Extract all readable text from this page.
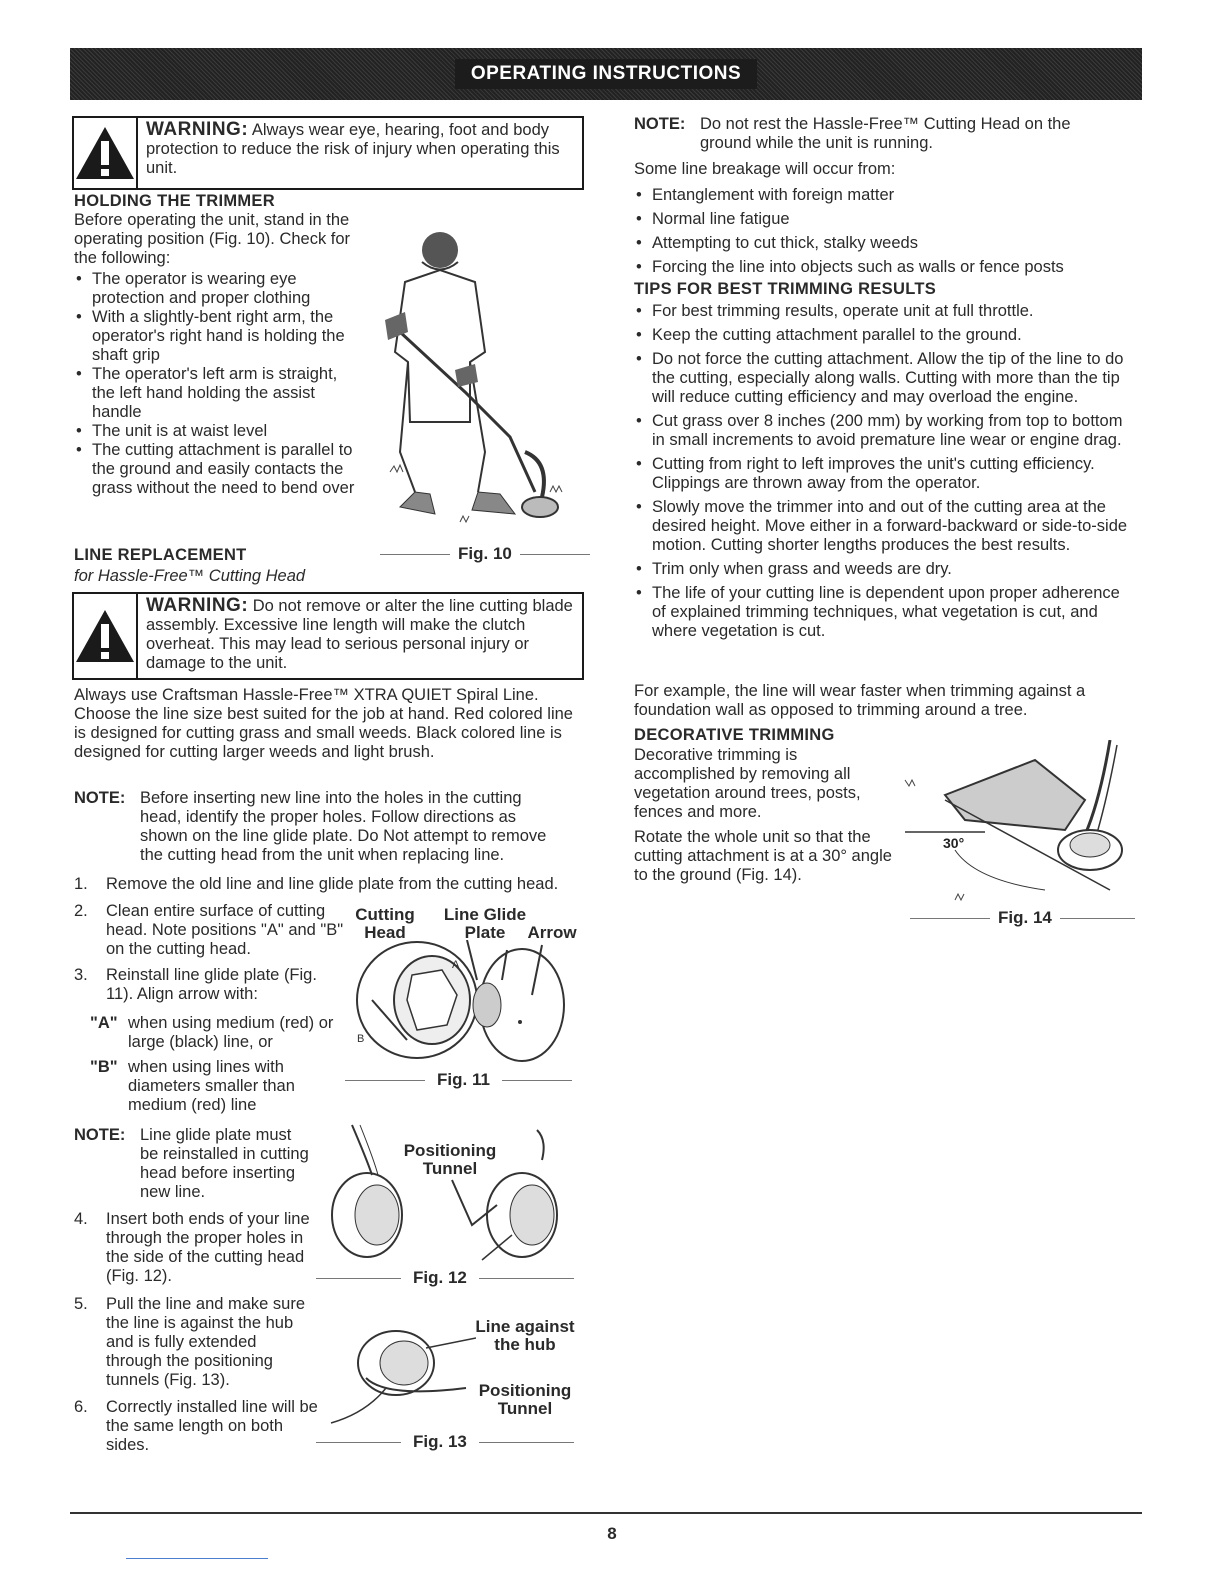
OPERATING INSTRUCTIONS
WARNING: Always wear eye, hearing, foot and body protection to reduce the risk of injury when operating this unit.
HOLDING THE TRIMMER

Before operating the unit, stand in the operating position (Fig. 10). Check for the following:

• The operator is wearing eye protection and proper clothing
• With a slightly-bent right arm, the operator's right hand is holding the shaft grip
• The operator's left arm is straight, the left hand holding the assist handle
• The unit is at waist level
• The cutting attachment is parallel to the ground and easily contacts the grass without the need to bend over
Fig. 10
LINE REPLACEMENT

for Hassle-Free™ Cutting Head

WARNING: Do not remove or alter the line cutting blade assembly. Excessive line length will make the clutch overheat. This may lead to serious personal injury or damage to the unit.

Always use Craftsman Hassle-Free™ XTRA QUIET Spiral Line. Choose the line size best suited for the job at hand. Red colored line is designed for cutting grass and small weeds. Black colored line is designed for cutting larger weeds and light brush.

NOTE: Before inserting new line into the holes in the cutting head, identify the proper holes. Follow directions as shown on the line glide plate. Do Not attempt to remove the cutting head from the unit when replacing line.
1.	Remove the old line and line glide plate from the cutting head.
2.	Clean entire surface of cutting head. Note positions "A" and "B" on the cutting head.
3.	Reinstall line glide plate (Fig. 11). Align arrow with:
"A" when using medium (red) or large (black) line, or
"B" when using lines with diameters smaller than medium (red) line
Cutting Head
Line Glide Plate	Arrow
B
A
Fig. 11
NOTE: Line glide plate must be reinstalled in cutting head before inserting new line.
4.	Insert both ends of your line through the proper holes in the side of the cutting head (Fig. 12).
Positioning Tunnel
Fig. 12
5.	Pull the line and make sure the line is against the hub and is fully extended through the positioning tunnels (Fig. 13).
6.	Correctly installed line will be the same length on both sides.
Line against the hub
Positioning Tunnel
Fig. 13
NOTE: Do not rest the Hassle-Free™ Cutting Head on the ground while the unit is running.

Some line breakage will occur from:

• Entanglement with foreign matter
• Normal line fatigue
• Attempting to cut thick, stalky weeds
• Forcing the line into objects such as walls or fence posts
TIPS FOR BEST TRIMMING RESULTS
• For best trimming results, operate unit at full throttle.
• Keep the cutting attachment parallel to the ground.
• Do not force the cutting attachment. Allow the tip of the line to do the cutting, especially along walls. Cutting with more than the tip will reduce cutting efficiency and may overload the engine.
• Cut grass over 8 inches (200 mm) by working from top to bottom in small increments to avoid premature line wear or engine drag.
• Cutting from right to left improves the unit's cutting efficiency. Clippings are thrown away from the operator.
• Slowly move the trimmer into and out of the cutting area at the desired height. Move either in a forward-backward or side-to-side motion. Cutting shorter lengths produces the best results.
• Trim only when grass and weeds are dry.
• The life of your cutting line is dependent upon proper adherence of explained trimming techniques, what vegetation is cut, and where vegetation is cut.

For example, the line will wear faster when trimming against a foundation wall as opposed to trimming around a tree.

DECORATIVE TRIMMING

Decorative trimming is accomplished by removing all vegetation around trees, posts, fences and more.

Rotate the whole unit so that the cutting attachment is at a 30° angle to the ground (Fig. 14).

30°
Fig. 14
8
